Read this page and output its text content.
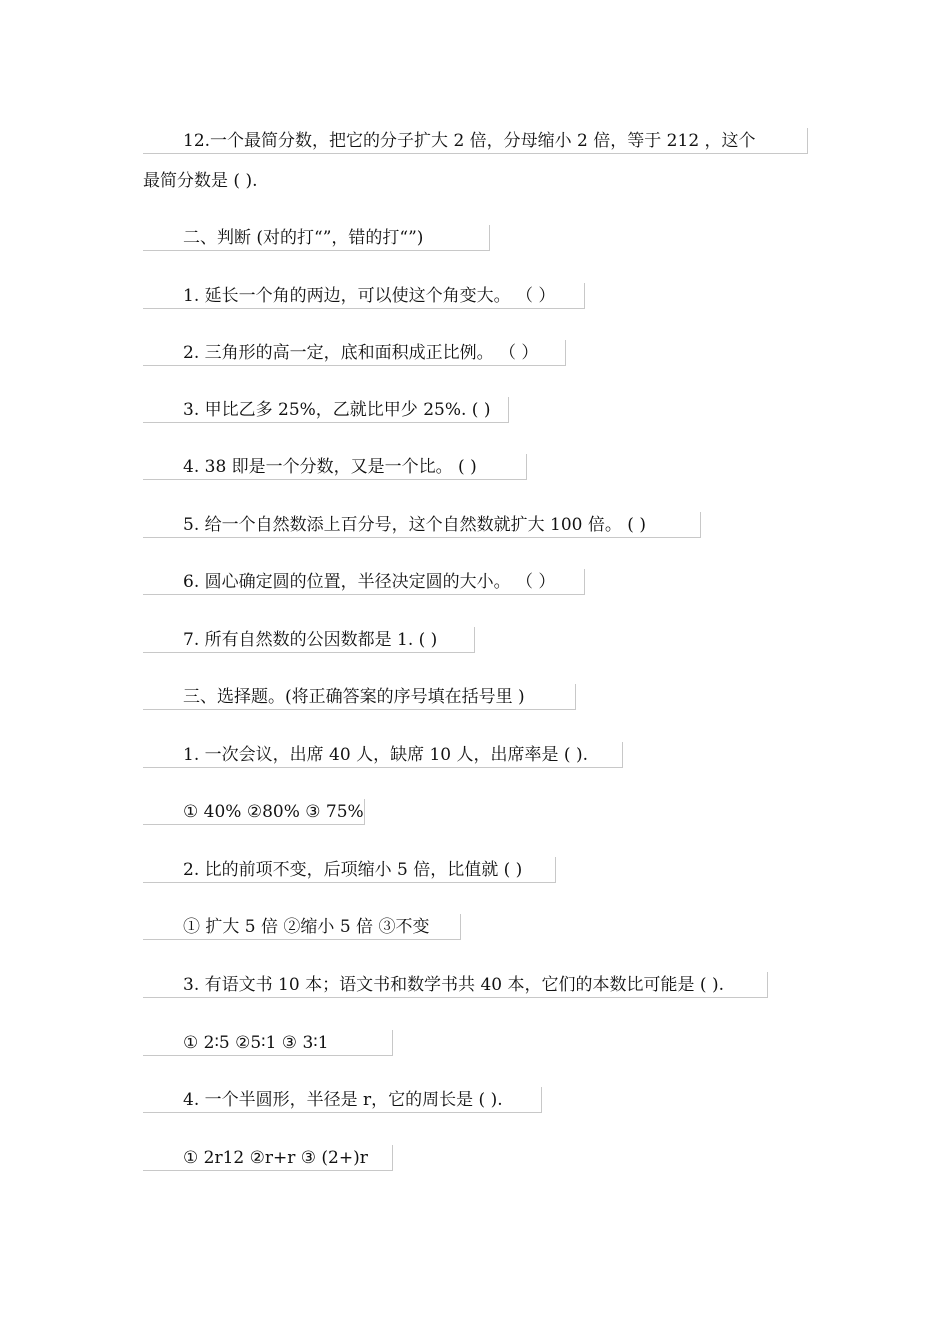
12.一个最简分数，把它的分子扩大 2 倍，分母缩小 2 倍，等于 212 ，这个
最简分数是 ( ).
二、判断 (对的打“”，错的打“”)
1. 延长一个角的两边，可以使这个角变大。 （ ）
2. 三角形的高一定，底和面积成正比例。 （ ）
3. 甲比乙多 25%，乙就比甲少 25%. ( )
4. 38 即是一个分数，又是一个比。 ( )
5. 给一个自然数添上百分号，这个自然数就扩大 100 倍。 ( )
6. 圆心确定圆的位置，半径决定圆的大小。 （ ）
7. 所有自然数的公因数都是 1. ( )
三、选择题。(将正确答案的序号填在括号里 )
1. 一次会议，出席 40 人，缺席 10 人，出席率是 ( ).
① 40% ②80% ③ 75%
2. 比的前项不变，后项缩小 5 倍，比值就 ( )
① 扩大 5 倍 ②缩小 5 倍 ③不变
3. 有语文书 10 本；语文书和数学书共 40 本，它们的本数比可能是 ( ).
① 2∶5 ②5∶1 ③ 3∶1
4. 一个半圆形，半径是 r，它的周长是 ( ).
① 2r12 ②r+r ③ (2+)r
